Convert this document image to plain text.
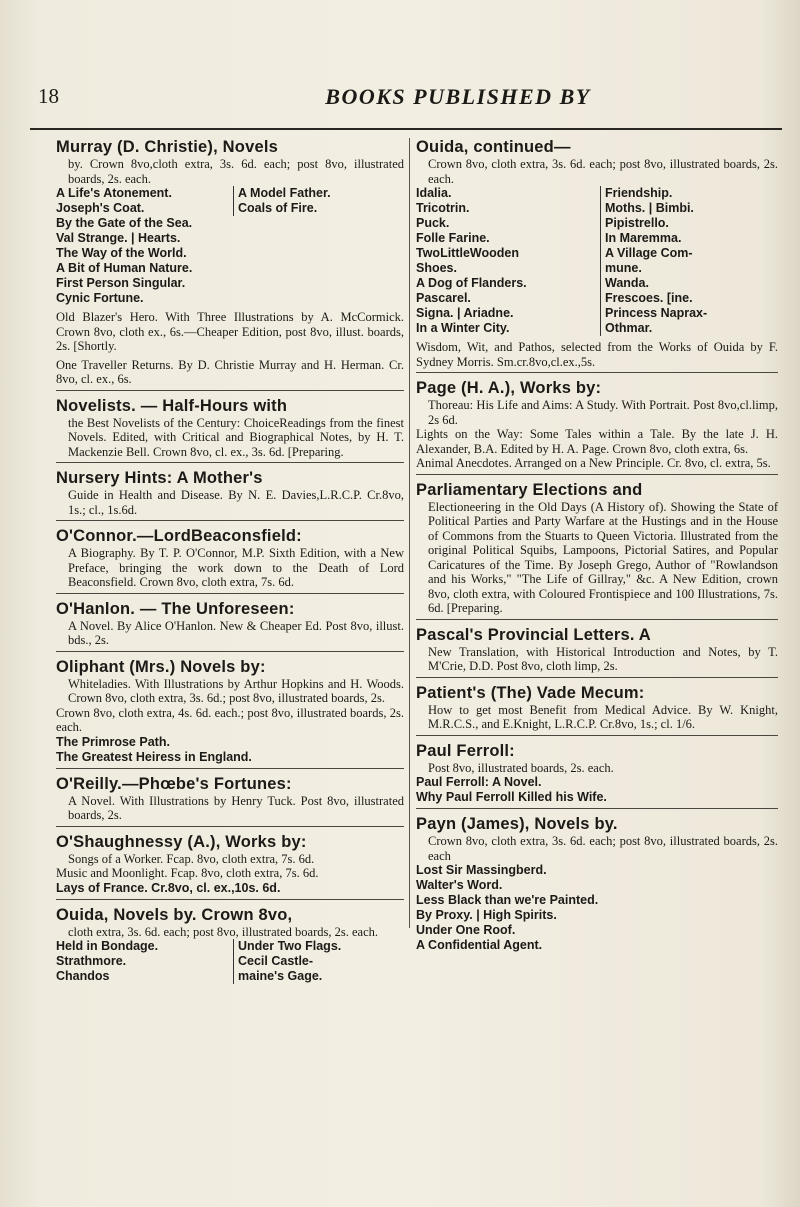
18	BOOKS PUBLISHED BY
Murray (D. Christie), Novels
by. Crown 8vo,cloth extra, 3s. 6d. each; post 8vo, illustrated boards, 2s. each.
A Life's Atonement.	A Model Father.
Joseph's Coat.	Coals of Fire.
By the Gate of the Sea.
Val Strange. | Hearts.
The Way of the World.
A Bit of Human Nature.
First Person Singular.
Cynic Fortune.
Old Blazer's Hero. With Three Illustrations by A. McCormick. Crown 8vo, cloth ex., 6s.—Cheaper Edition, post 8vo, illust. boards, 2s. [Shortly.
One Traveller Returns. By D. Christie Murray and H. Herman. Cr. 8vo, cl. ex., 6s.
Novelists. — Half-Hours with
the Best Novelists of the Century: ChoiceReadings from the finest Novels. Edited, with Critical and Biographical Notes, by H. T. Mackenzie Bell. Crown 8vo, cl. ex., 3s. 6d. [Preparing.
Nursery Hints: A Mother's
Guide in Health and Disease. By N. E. Davies,L.R.C.P. Cr.8vo, 1s.; cl., 1s.6d.
O'Connor.—LordBeaconsfield:
A Biography. By T. P. O'Connor, M.P. Sixth Edition, with a New Preface, bringing the work down to the Death of Lord Beaconsfield. Crown 8vo, cloth extra, 7s. 6d.
O'Hanlon. — The Unforeseen:
A Novel. By Alice O'Hanlon. New & Cheaper Ed. Post 8vo, illust. bds., 2s.
Oliphant (Mrs.) Novels by:
Whiteladies. With Illustrations by Arthur Hopkins and H. Woods. Crown 8vo, cloth extra, 3s. 6d.; post 8vo, illustrated boards, 2s.
Crown 8vo, cloth extra, 4s. 6d. each.; post 8vo, illustrated boards, 2s. each.
The Primrose Path.
The Greatest Heiress in England.
O'Reilly.—Phœbe's Fortunes:
A Novel. With Illustrations by Henry Tuck. Post 8vo, illustrated boards, 2s.
O'Shaughnessy (A.), Works by:
Songs of a Worker. Fcap. 8vo, cloth extra, 7s. 6d.
Music and Moonlight. Fcap. 8vo, cloth extra, 7s. 6d.
Lays of France. Cr.8vo, cl. ex.,10s. 6d.
Ouida, Novels by. Crown 8vo,
cloth extra, 3s. 6d. each; post 8vo, illustrated boards, 2s. each.
Held in Bondage.	Under Two Flags.
Strathmore.	Cecil Castle-
Chandos	maine's Gage.
Ouida, continued—
Crown 8vo, cloth extra, 3s. 6d. each; post 8vo, illustrated boards, 2s. each.
Idalia.	Friendship.
Tricotrin.	Moths. | Bimbi.
Puck.	Pipistrello.
Folle Farine.	In Maremma.
TwoLittleWooden	A Village Com-
Shoes.	mune.
A Dog of Flanders.	Wanda.
Pascarel.	Frescoes. [ine.
Signa. | Ariadne.	Princess Naprax-
In a Winter City.	Othmar.
Wisdom, Wit, and Pathos, selected from the Works of Ouida by F. Sydney Morris. Sm.cr.8vo,cl.ex.,5s.
Page (H. A.), Works by:
Thoreau: His Life and Aims: A Study. With Portrait. Post 8vo,cl.limp, 2s 6d.
Lights on the Way: Some Tales within a Tale. By the late J. H. Alexander, B.A. Edited by H. A. Page. Crown 8vo, cloth extra, 6s.
Animal Anecdotes. Arranged on a New Principle. Cr. 8vo, cl. extra, 5s.
Parliamentary Elections and
Electioneering in the Old Days (A History of). Showing the State of Political Parties and Party Warfare at the Hustings and in the House of Commons from the Stuarts to Queen Victoria. Illustrated from the original Political Squibs, Lampoons, Pictorial Satires, and Popular Caricatures of the Time. By Joseph Grego, Author of "Rowlandson and his Works," "The Life of Gillray," &c. A New Edition, crown 8vo, cloth extra, with Coloured Frontispiece and 100 Illustrations, 7s. 6d. [Preparing.
Pascal's Provincial Letters. A
New Translation, with Historical Introduction and Notes, by T. M'Crie, D.D. Post 8vo, cloth limp, 2s.
Patient's (The) Vade Mecum:
How to get most Benefit from Medical Advice. By W. Knight, M.R.C.S., and E.Knight, L.R.C.P. Cr.8vo, 1s.; cl. 1/6.
Paul Ferroll:
Post 8vo, illustrated boards, 2s. each.
Paul Ferroll: A Novel.
Why Paul Ferroll Killed his Wife.
Payn (James), Novels by.
Crown 8vo, cloth extra, 3s. 6d. each; post 8vo, illustrated boards, 2s. each
Lost Sir Massingberd.
Walter's Word.
Less Black than we're Painted.
By Proxy. | High Spirits.
Under One Roof.
A Confidential Agent.
